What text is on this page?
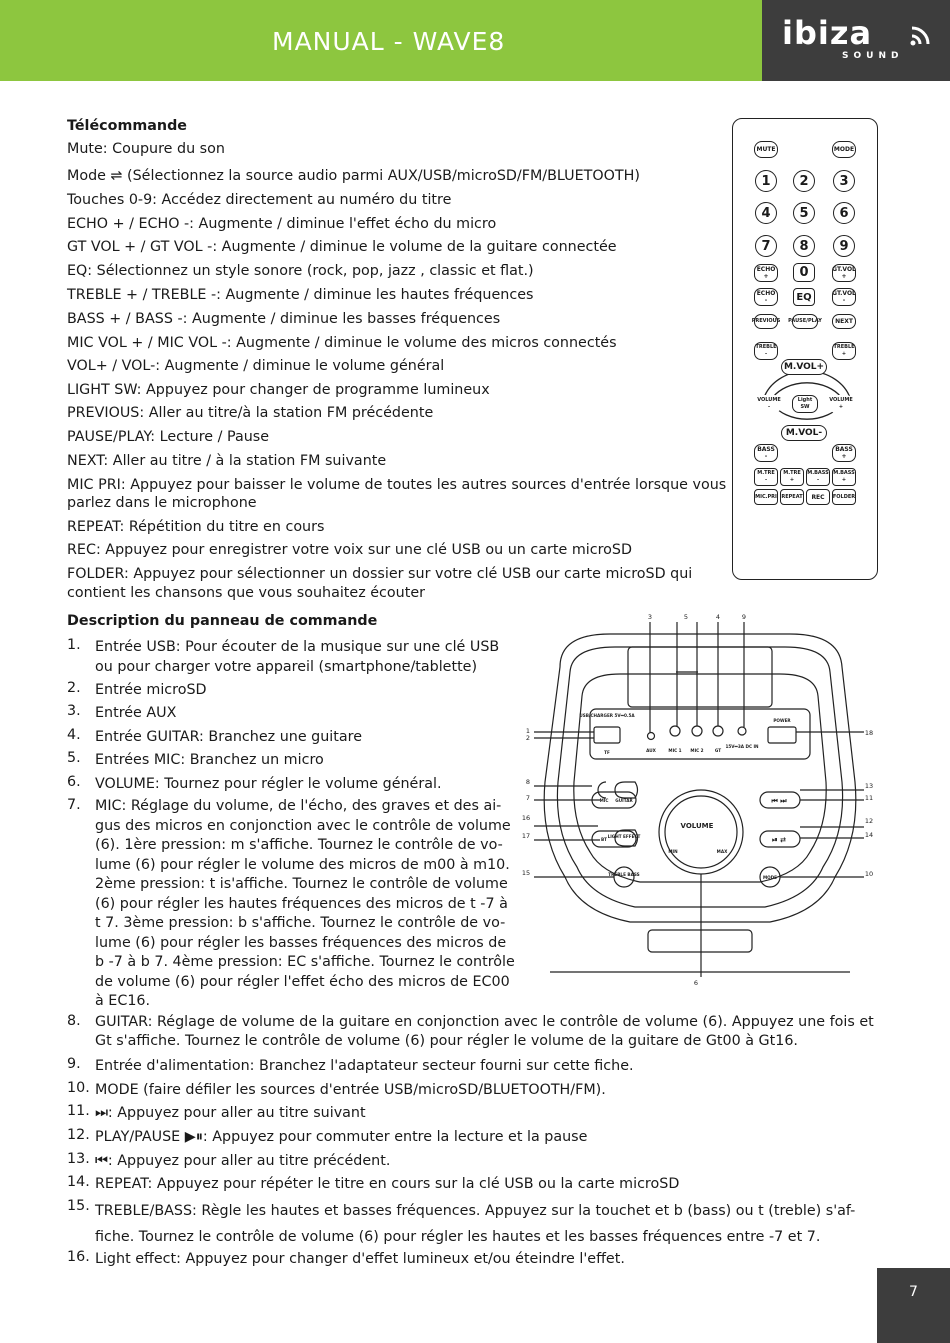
MANUAL - WAVE8	ibiza
SOUND
Télécommande
Mute: Coupure du son
Mode ⇌ (Sélectionnez la source audio parmi AUX/USB/microSD/FM/BLUETOOTH)
Touches 0-9: Accédez directement au numéro du titre
ECHO + / ECHO -: Augmente / diminue l'effet écho du micro
GT VOL + / GT VOL -: Augmente / diminue le volume de la guitare connectée
EQ: Sélectionnez un style sonore (rock, pop, jazz , classic et flat.)
TREBLE + / TREBLE -: Augmente / diminue les hautes fréquences
BASS + / BASS -: Augmente / diminue les basses fréquences
MIC VOL + / MIC VOL -: Augmente / diminue le volume des micros connectés
VOL+ / VOL-: Augmente / diminue le volume général
LIGHT SW: Appuyez pour changer de programme lumineux
PREVIOUS: Aller au titre/à la station FM précédente
PAUSE/PLAY: Lecture / Pause
NEXT: Aller au titre / à la station FM suivante
MIC PRI: Appuyez pour baisser le volume de toutes les autres sources d'entrée lorsque vous
parlez dans le microphone
REPEAT: Répétition du titre en cours
REC: Appuyez pour enregistrer votre voix sur une clé USB ou un carte microSD
FOLDER: Appuyez pour sélectionner un dossier sur votre clé USB our carte microSD qui
contient les chansons que vous souhaitez écouter
Description du panneau de commande
1. Entrée USB: Pour écouter de la musique sur une clé USB
ou pour charger votre appareil (smartphone/tablette)

2. Entrée microSD

3. Entrée AUX

4. Entrée GUITAR: Branchez une guitare

5. Entrées MIC: Branchez un micro

6. VOLUME: Tournez pour régler le volume général.

7. MIC: Réglage du volume, de l'écho, des graves et des ai-
gus des micros en conjonction avec le contrôle de volume
(6). 1ère pression: m s'affiche. Tournez le contrôle de vo-
lume (6) pour régler le volume des micros de m00 à m10.
2ème pression: t is'affiche. Tournez le contrôle de volume
(6) pour régler les hautes fréquences des micros de t -7 à
t 7. 3ème pression: b s'affiche. Tournez le contrôle de vo-
lume (6) pour régler les basses fréquences des micros de
b -7 à b 7. 4ème pression: EC s'affiche. Tournez le contrôle
de volume (6) pour régler l'effet écho des micros de EC00
à EC16.

8. GUITAR: Réglage de volume de la guitare en conjonction avec le contrôle de volume (6). Appuyez une fois et
Gt s'affiche. Tournez le contrôle de volume (6) pour régler le volume de la guitare de Gt00 à Gt16.

9. Entrée d'alimentation: Branchez l'adaptateur secteur fourni sur cette fiche.

10. MODE (faire défiler les sources d'entrée USB/microSD/BLUETOOTH/FM).

11. ⏭: Appuyez pour aller au titre suivant

12. PLAY/PAUSE ▶⏸: Appuyez pour commuter entre la lecture et la pause

13. ⏮: Appuyez pour aller au titre précédent.

14. REPEAT: Appuyez pour répéter le titre en cours sur la clé USB ou la carte microSD

15. TREBLE/BASS: Règle les hautes et basses fréquences. Appuyez sur la touchet et b (bass) ou t (treble) s'af-
fiche. Tournez le contrôle de volume (6) pour régler les hautes et les basses fréquences entre -7 et 7.

16. Light effect: Appuyez pour changer d'effet lumineux et/ou éteindre l'effet.

MUTE	MODE
1	2	3
4	5	6
7	8	9
ECHO
+	0	GT.VOL
+
ECHO
-	EQ	GT.VOL
-
PREVIOUS PAUSE/PLAY	NEXT
TREBLE
-
TREBLE
+
M.VOL+
VOLUME
-
Light SW
VOLUME
+
M.VOL-
BASS
-
BASS
+
M.TRE
-
M.TRE
+
M.BASS
-
M.BASS
+
MIC.PRI REPEAT	REC	FOLDER
USB/CHARGER 5V⎓0.5A
TF	AUX	MIC 1 MIC 2	GT
15V⎓3A DC IN
POWER
MIC GUITAR
BT
LIGHT EFFECT
TREBLE BASS
VOLUME
MIN	MAX
MODE
⏮ ⏭
⏯ ⇄
3	5	4	9
1
2
18
8
7
16
17
15
13
11
12
14
10
6
7
